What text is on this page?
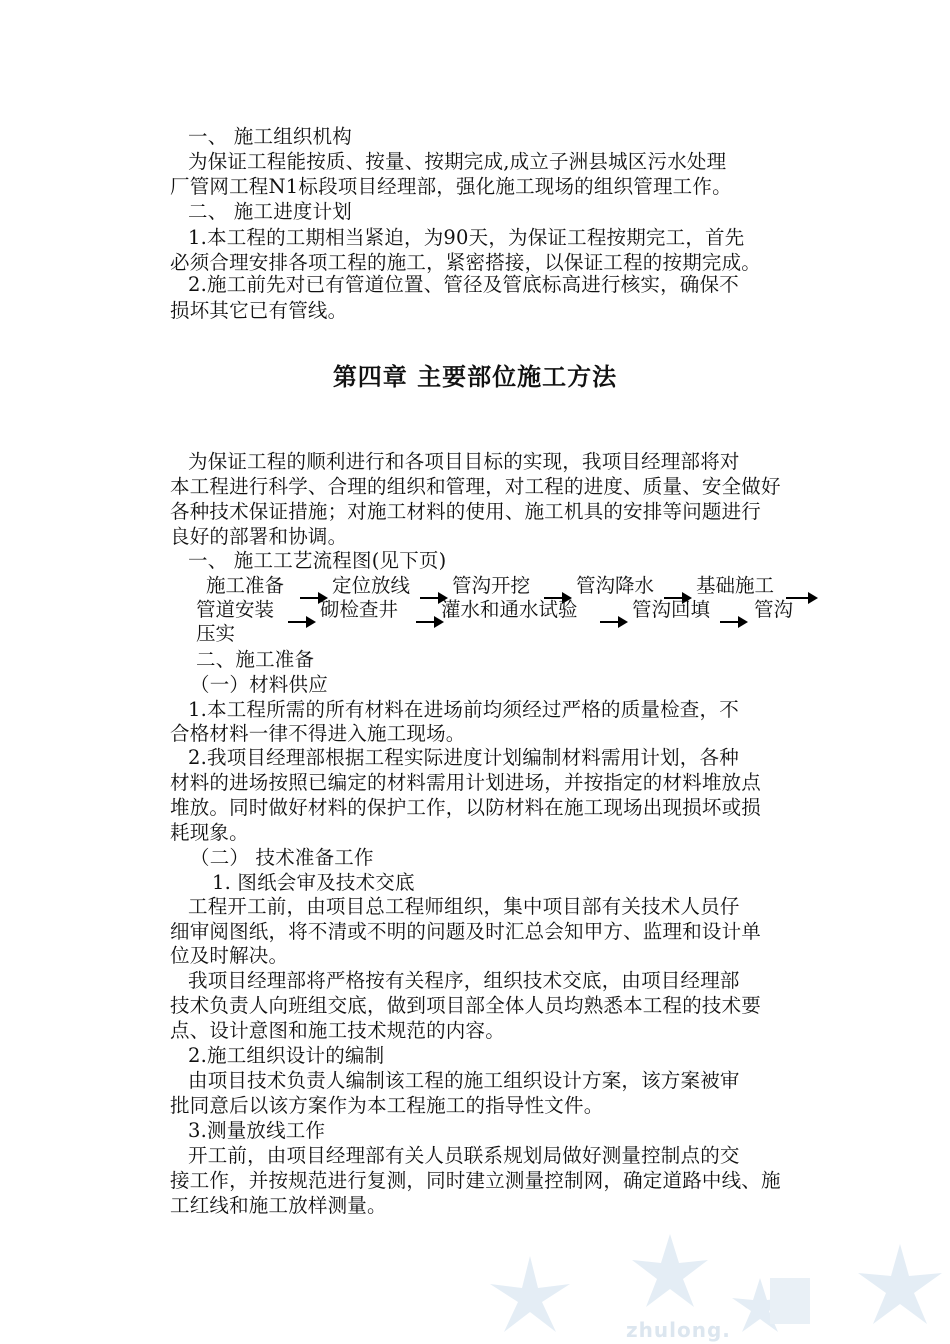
一、 施工组织机构
为保证工程能按质、按量、按期完成,成立子洲县城区污水处理
厂管网工程N1标段项目经理部，强化施工现场的组织管理工作。
二、 施工进度计划
1.本工程的工期相当紧迫，为90天，为保证工程按期完工，首先
必须合理安排各项工程的施工，紧密搭接，以保证工程的按期完成。
2.施工前先对已有管道位置、管径及管底标高进行核实，确保不
损坏其它已有管线。
第四章 主要部位施工方法
为保证工程的顺利进行和各项目目标的实现，我项目经理部将对
本工程进行科学、合理的组织和管理，对工程的进度、质量、安全做好
各种技术保证措施；对施工材料的使用、施工机具的安排等问题进行
良好的部署和协调。
一、 施工工艺流程图(见下页)
施工准备 定位放线 管沟开挖 管沟降水 基础施工
管道安装 砌检查井 灌水和通水试验	管沟回填 管沟
压实
二、施工准备
（一）材料供应
1.本工程所需的所有材料在进场前均须经过严格的质量检查，不
合格材料一律不得进入施工现场。
2.我项目经理部根据工程实际进度计划编制材料需用计划，各种
材料的进场按照已编定的材料需用计划进场，并按指定的材料堆放点
堆放。同时做好材料的保护工作，以防材料在施工现场出现损坏或损
耗现象。
（二） 技术准备工作
1. 图纸会审及技术交底
工程开工前，由项目总工程师组织，集中项目部有关技术人员仔
细审阅图纸，将不清或不明的问题及时汇总会知甲方、监理和设计单
位及时解决。
我项目经理部将严格按有关程序，组织技术交底，由项目经理部
技术负责人向班组交底，做到项目部全体人员均熟悉本工程的技术要
点、设计意图和施工技术规范的内容。
2.施工组织设计的编制
由项目技术负责人编制该工程的施工组织设计方案，该方案被审
批同意后以该方案作为本工程施工的指导性文件。
3.测量放线工作
开工前，由项目经理部有关人员联系规划局做好测量控制点的交
接工作，并按规范进行复测，同时建立测量控制网，确定道路中线、施
工红线和施工放样测量。
zhulong.
